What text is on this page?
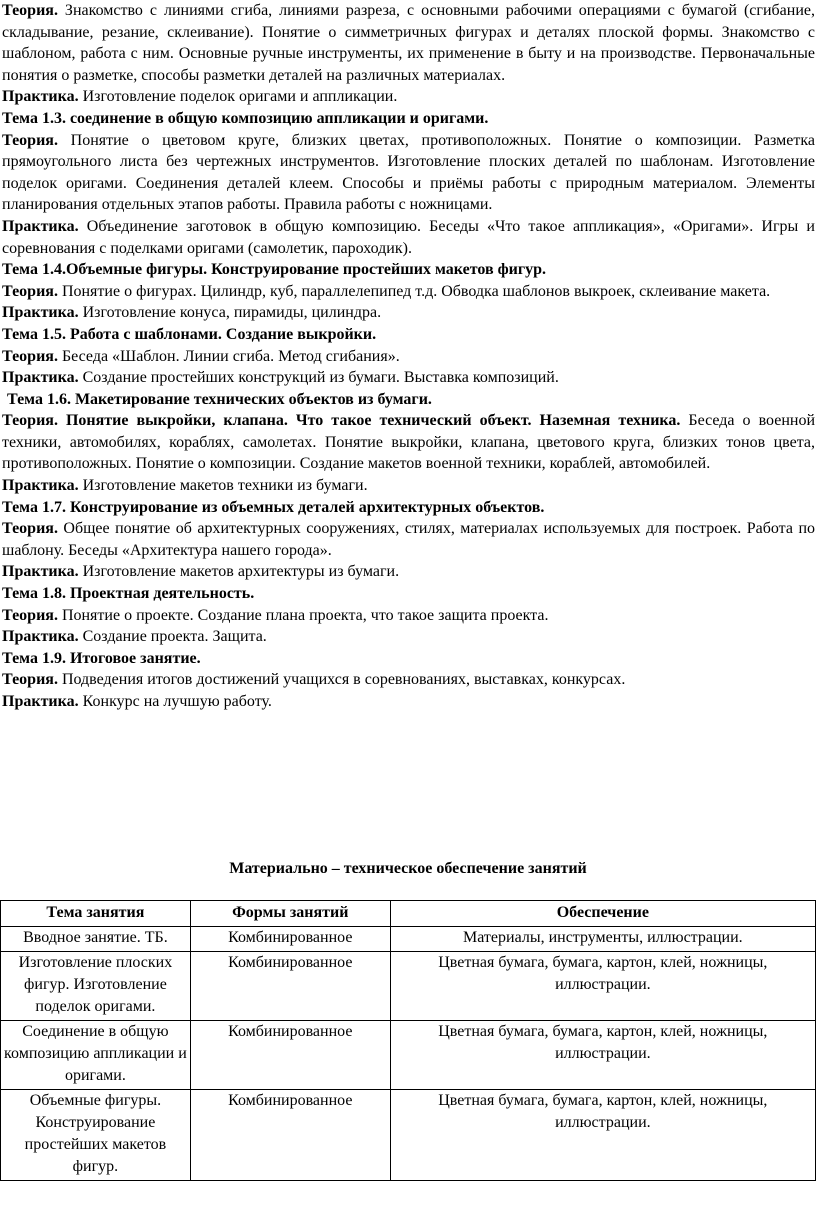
Теория. Знакомство с линиями сгиба, линиями разреза, с основными рабочими операциями с бумагой (сгибание, складывание, резание, склеивание). Понятие о симметричных фигурах и деталях плоской формы. Знакомство с шаблоном, работа с ним. Основные ручные инструменты, их применение в быту и на производстве. Первоначальные понятия о разметке, способы разметки деталей на различных материалах.

Практика. Изготовление поделок оригами и аппликации.

Тема 1.3. соединение в общую композицию аппликации и оригами.

Теория. Понятие о цветовом круге, близких цветах, противоположных. Понятие о композиции. Разметка прямоугольного листа без чертежных инструментов. Изготовление плоских деталей по шаблонам. Изготовление поделок оригами. Соединения деталей клеем. Способы и приёмы работы с природным материалом. Элементы планирования отдельных этапов работы. Правила работы с ножницами.

Практика. Объединение заготовок в общую композицию. Беседы «Что такое аппликация», «Оригами». Игры и соревнования с поделками оригами (самолетик, пароходик).

Тема 1.4.Объемные фигуры. Конструирование простейших макетов фигур.

Теория. Понятие о фигурах. Цилиндр, куб, параллелепипед т.д. Обводка шаблонов выкроек, склеивание макета.

Практика. Изготовление конуса, пирамиды, цилиндра.

Тема 1.5. Работа с шаблонами. Создание выкройки.

Теория. Беседа «Шаблон. Линии сгиба. Метод сгибания».

Практика. Создание простейших конструкций из бумаги. Выставка композиций.

Тема 1.6. Макетирование технических объектов из бумаги.

Теория. Понятие выкройки, клапана. Что такое технический объект. Наземная техника. Беседа о военной техники, автомобилях, кораблях, самолетах. Понятие выкройки, клапана, цветового круга, близких тонов цвета, противоположных. Понятие о композиции. Создание макетов военной техники, кораблей, автомобилей.

Практика. Изготовление макетов техники из бумаги.

Тема 1.7. Конструирование из объемных деталей архитектурных объектов.

Теория. Общее понятие об архитектурных сооружениях, стилях, материалах используемых для построек. Работа по шаблону. Беседы «Архитектура нашего города».

Практика. Изготовление макетов архитектуры из бумаги.

Тема 1.8. Проектная деятельность.

Теория. Понятие о проекте. Создание плана проекта, что такое защита проекта.

Практика. Создание проекта. Защита.

Тема 1.9. Итоговое занятие.

Теория. Подведения итогов достижений учащихся в соревнованиях, выставках, конкурсах.

Практика. Конкурс на лучшую работу.

Материально – техническое обеспечение занятий
Тема занятия	Формы занятий	Обеспечение
Вводное занятие. ТБ.	Комбинированное	Материалы, инструменты, иллюстрации.
Изготовление плоских фигур. Изготовление поделок оригами.	Комбинированное	Цветная бумага, бумага, картон, клей, ножницы, иллюстрации.
Соединение в общую композицию аппликации и оригами.	Комбинированное	Цветная бумага, бумага, картон, клей, ножницы, иллюстрации.
Объемные фигуры. Конструирование простейших макетов фигур.	Комбинированное	Цветная бумага, бумага, картон, клей, ножницы, иллюстрации.
